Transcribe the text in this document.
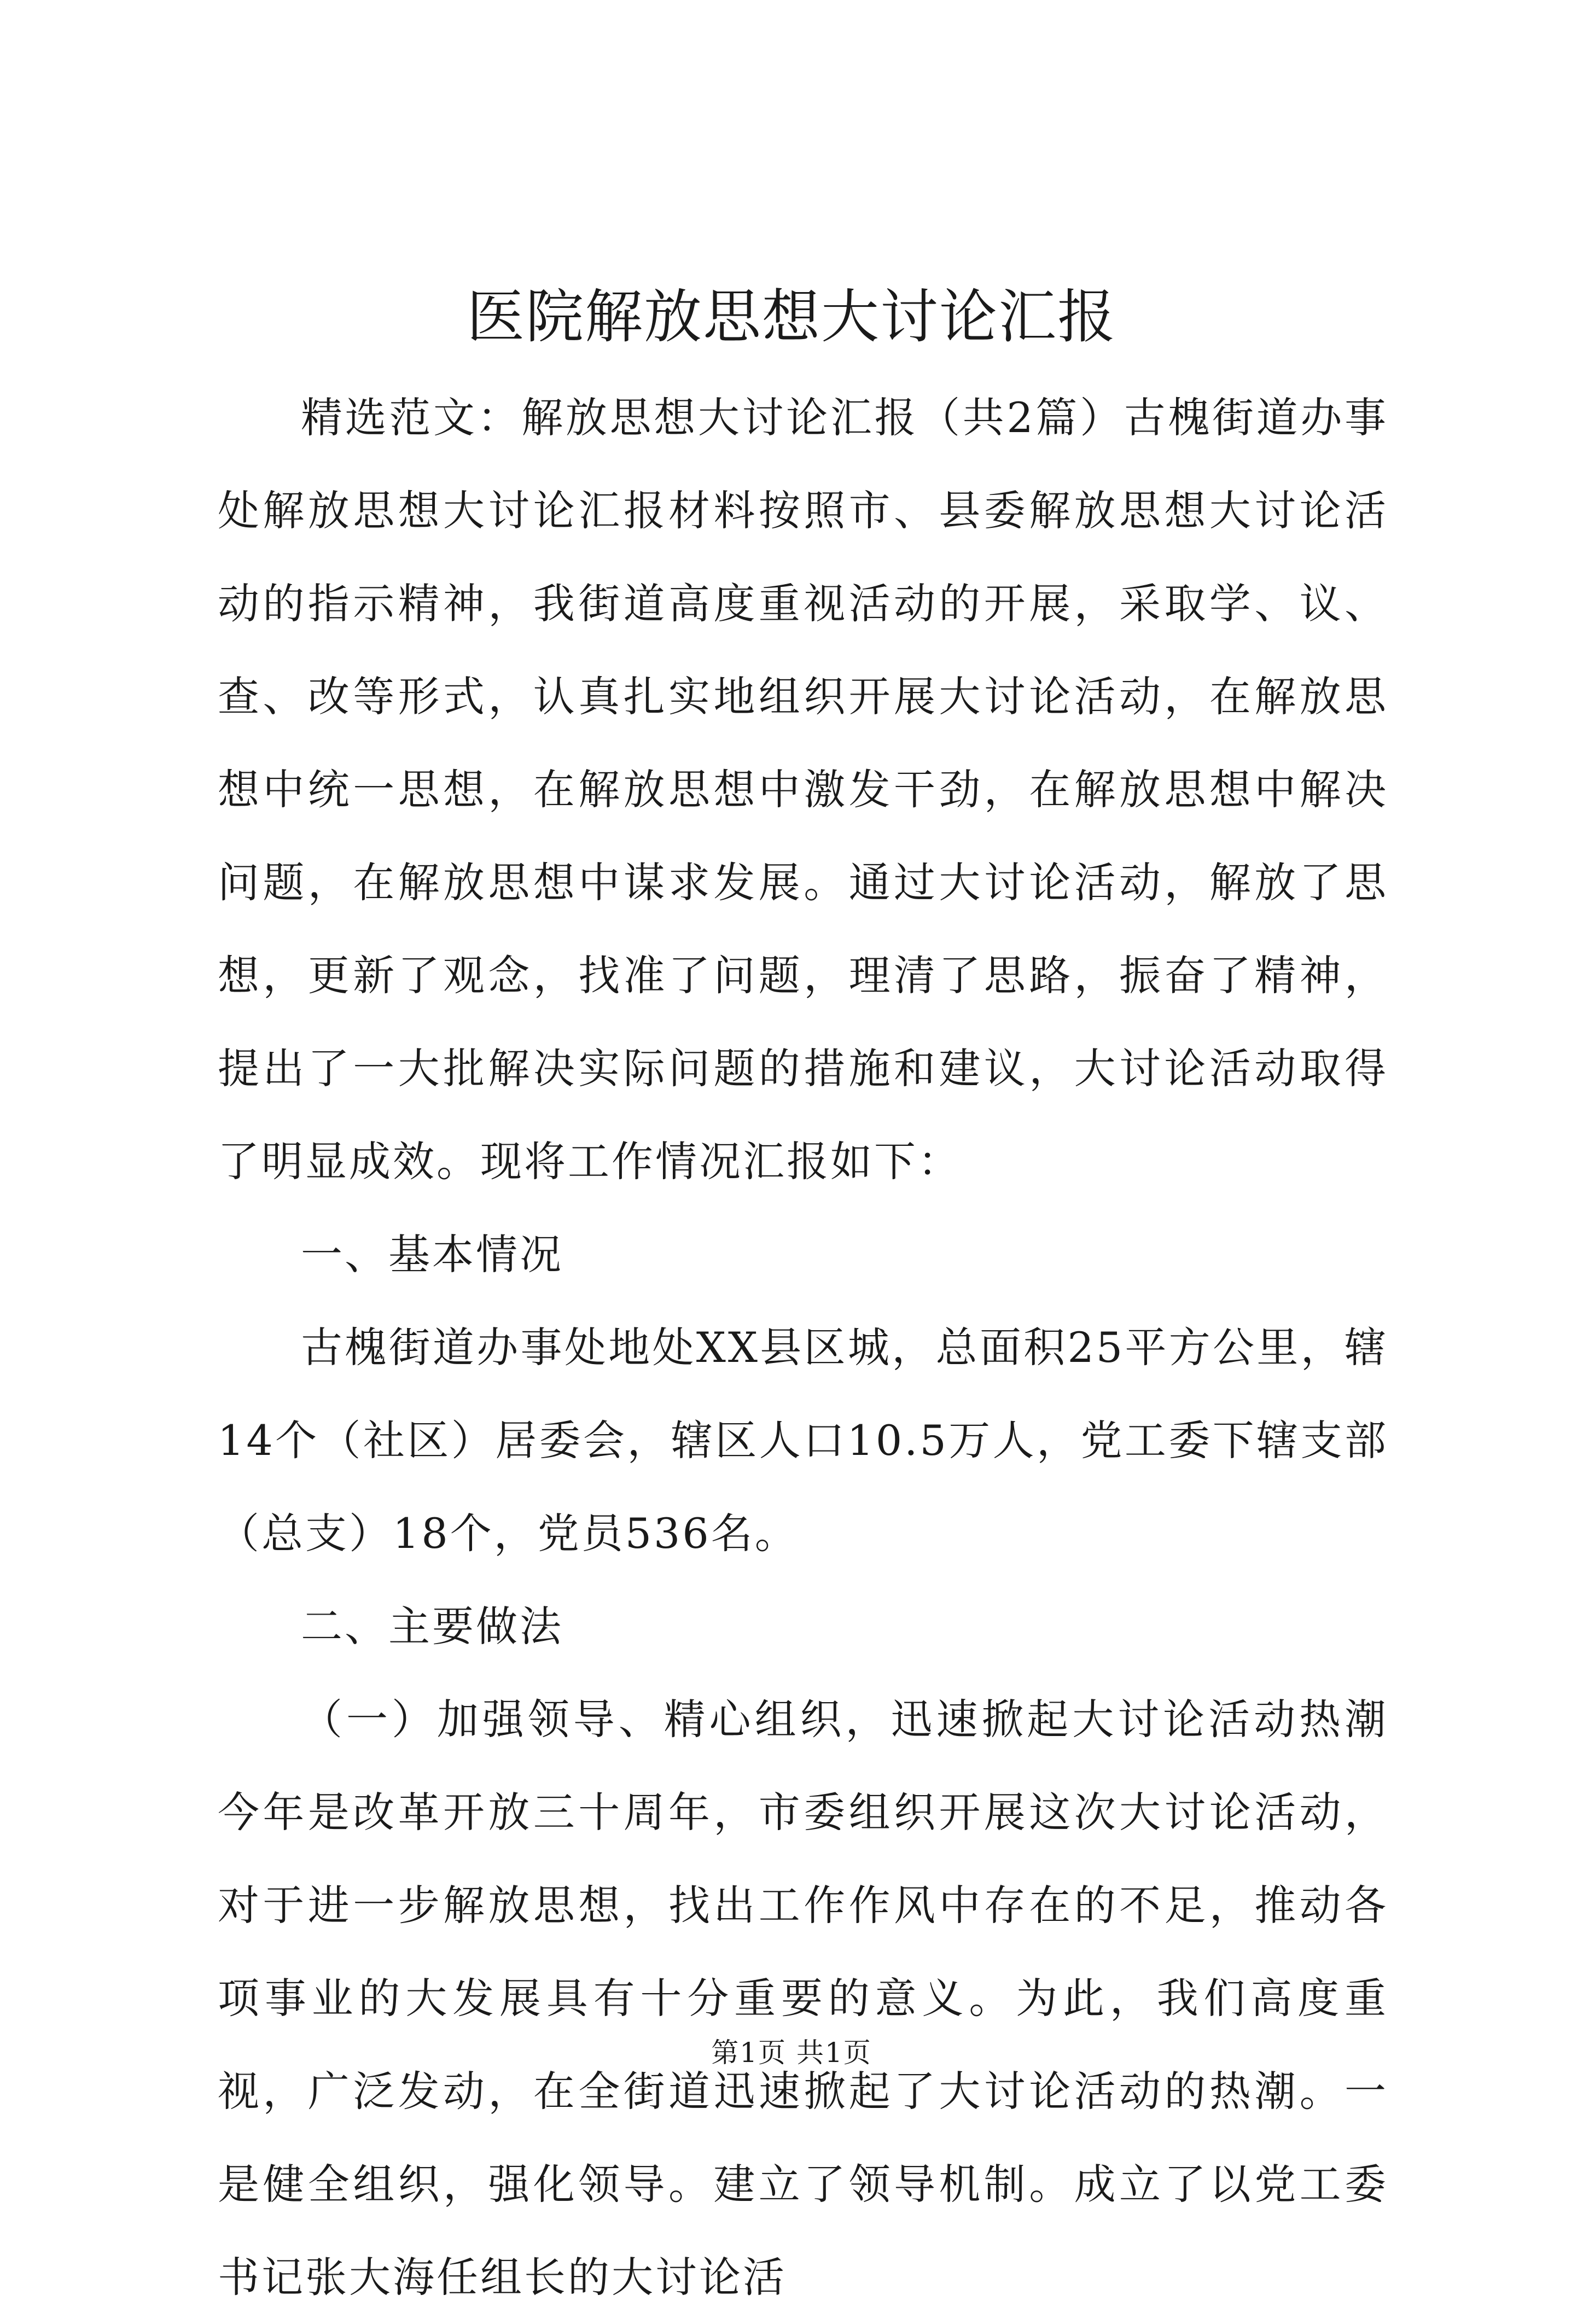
医院解放思想大讨论汇报

精选范文：解放思想大讨论汇报（共2篇）古槐街道办事处解放思想大讨论汇报材料按照市、县委解放思想大讨论活动的指示精神，我街道高度重视活动的开展，采取学、议、查、改等形式，认真扎实地组织开展大讨论活动，在解放思想中统一思想，在解放思想中激发干劲，在解放思想中解决问题，在解放思想中谋求发展。通过大讨论活动，解放了思想，更新了观念，找准了问题，理清了思路，振奋了精神，提出了一大批解决实际问题的措施和建议，大讨论活动取得了明显成效。现将工作情况汇报如下：

一、基本情况

古槐街道办事处地处XX县区城，总面积25平方公里，辖14个（社区）居委会，辖区人口10.5万人，党工委下辖支部（总支）18个，党员536名。

二、主要做法

（一）加强领导、精心组织，迅速掀起大讨论活动热潮今年是改革开放三十周年，市委组织开展这次大讨论活动，对于进一步解放思想，找出工作作风中存在的不足，推动各项事业的大发展具有十分重要的意义。为此，我们高度重视，广泛发动，在全街道迅速掀起了大讨论活动的热潮。一是健全组织，强化领导。建立了领导机制。成立了以党工委书记张大海任组长的大讨论活

第1页 共1页
